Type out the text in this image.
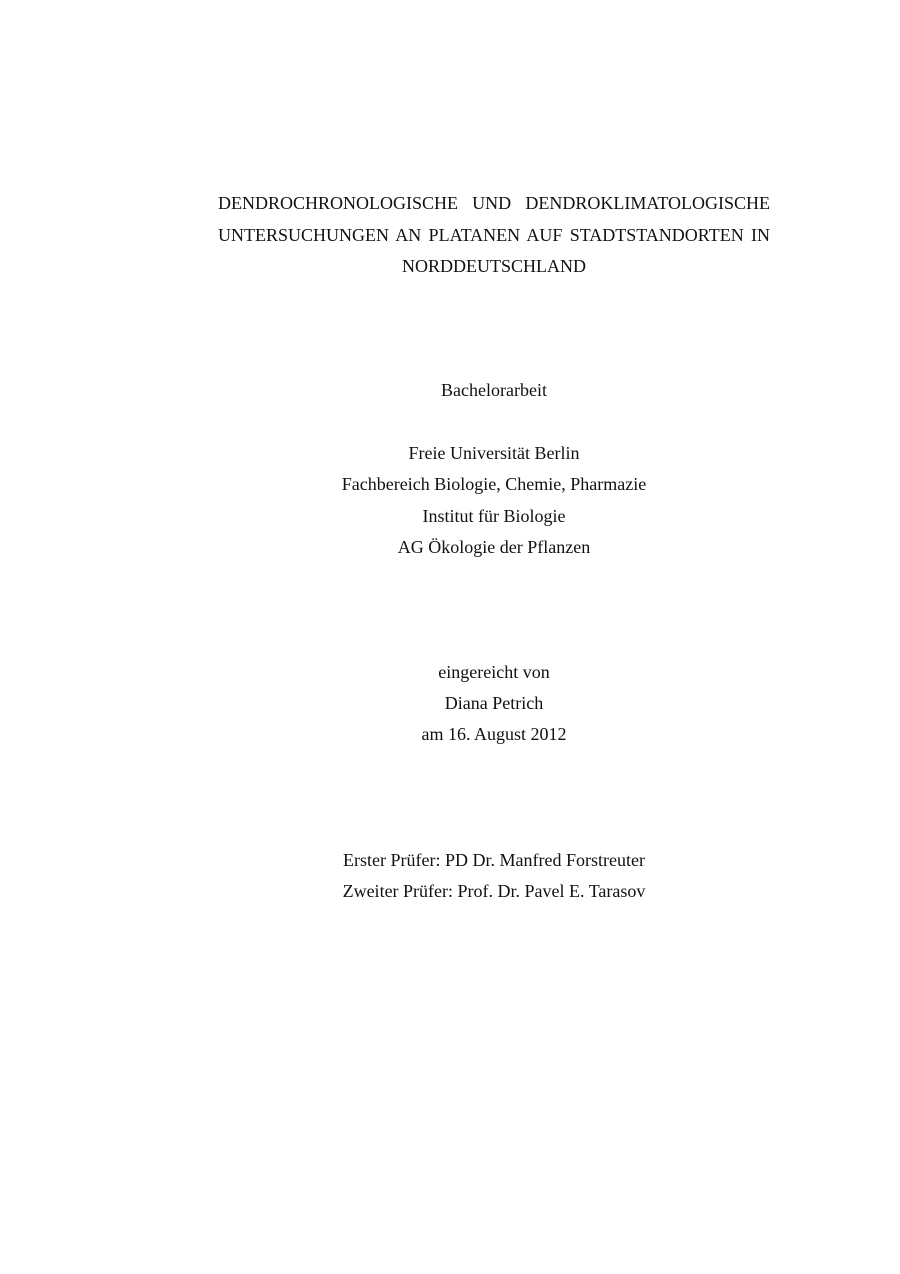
DENDROCHRONOLOGISCHE UND DENDROKLIMATOLOGISCHE
UNTERSUCHUNGEN AN PLATANEN AUF STADTSTANDORTEN IN
NORDDEUTSCHLAND
Bachelorarbeit
Freie Universität Berlin
Fachbereich Biologie, Chemie, Pharmazie
Institut für Biologie
AG Ökologie der Pflanzen
eingereicht von
Diana Petrich
am 16. August 2012
Erster Prüfer: PD Dr. Manfred Forstreuter
Zweiter Prüfer: Prof. Dr. Pavel E. Tarasov
